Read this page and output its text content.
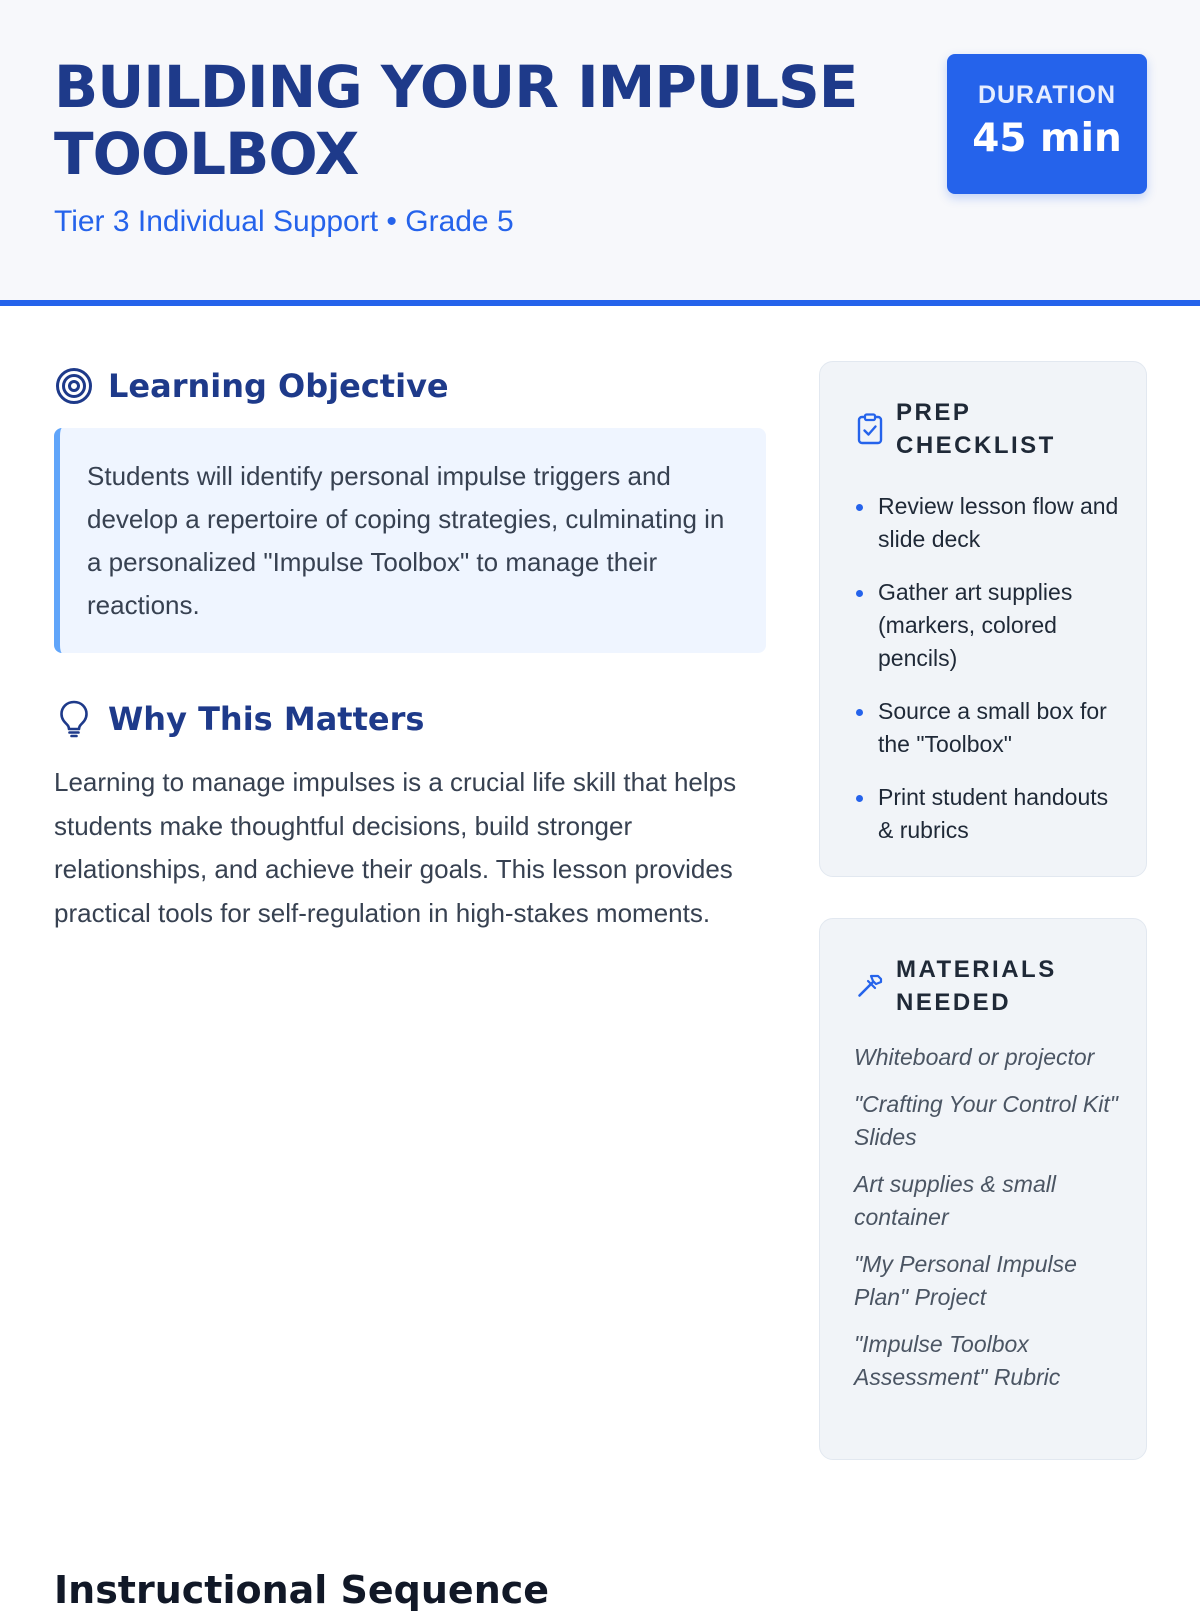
BUILDING YOUR IMPULSE TOOLBOX
Tier 3 Individual Support • Grade 5
DURATION
45 min
Learning Objective
Students will identify personal impulse triggers and develop a repertoire of coping strategies, culminating in a personalized "Impulse Toolbox" to manage their reactions.
Why This Matters

Learning to manage impulses is a crucial life skill that helps students make thoughtful decisions, build stronger relationships, and achieve their goals. This lesson provides practical tools for self-regulation in high-stakes moments.

PREP CHECKLIST
Review lesson flow and slide deck
Gather art supplies (markers, colored pencils)
Source a small box for the "Toolbox"
Print student handouts & rubrics
MATERIALS NEEDED
Whiteboard or projector
"Crafting Your Control Kit" Slides
Art supplies & small container
"My Personal Impulse Plan" Project
"Impulse Toolbox Assessment" Rubric
Instructional Sequence
